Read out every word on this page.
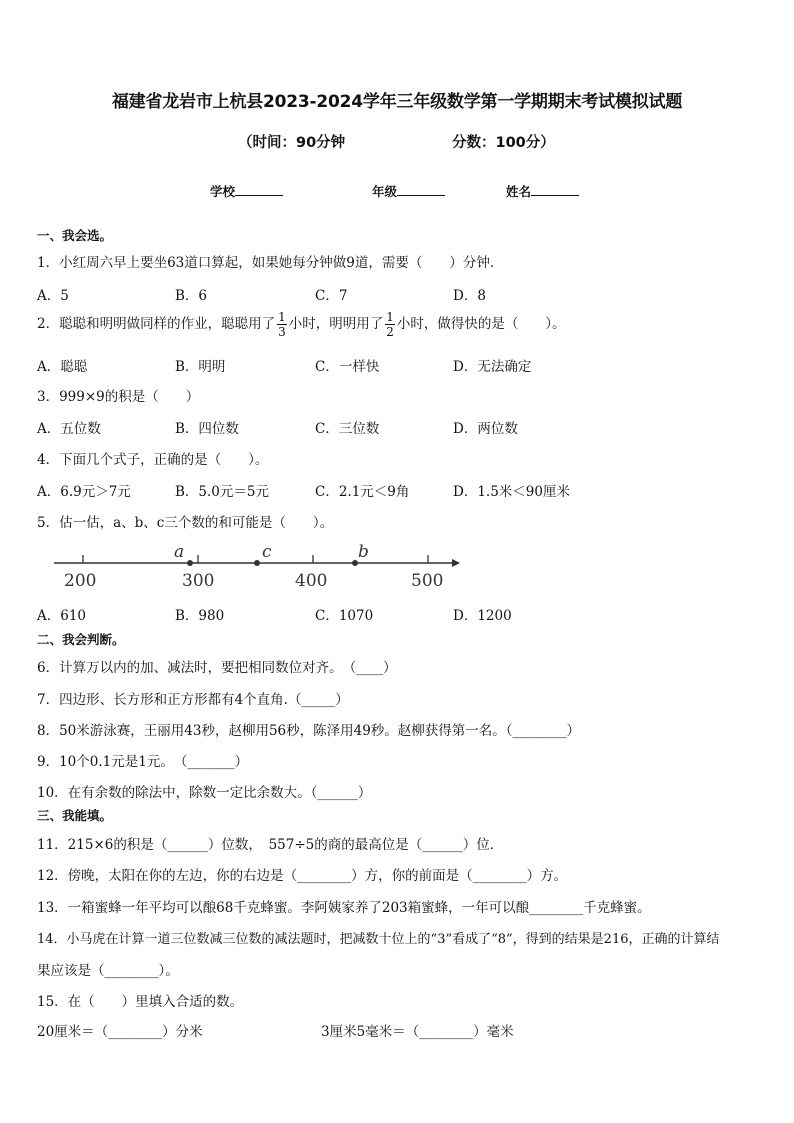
福建省龙岩市上杭县2023-2024学年三年级数学第一学期期末考试模拟试题
（时间：90分钟	分数：100分）
学校	年级	姓名
一、我会选。
1．小红周六早上要坐63道口算起，如果她每分钟做9道，需要（　　）分钟．
A．5	B．6	C．7	D．8
2．聪聪和明明做同样的作业，聪聪用了 $\frac{1}{3}$ 小时，明明用了 $\frac{1}{2}$ 小时，做得快的是（　　）。
A．聪聪	B．明明	C．一样快	D．无法确定
3．999×9的积是（　　）
A．五位数	B．四位数	C．三位数	D．两位数
4．下面几个式子，正确的是（　　）。
A．6.9元＞7元	B．5.0元＝5元	C．2.1元＜9角	D．1.5米＜90厘米
5．估一估，a、b、c三个数的和可能是（　　）。
200	300	400	500
a	c	b
A．610	B．980	C．1070	D．1200
二、我会判断。
6．计算万以内的加、减法时，要把相同数位对齐。　（____）
7．四边形、长方形和正方形都有4个直角.（_____）
8．50米游泳赛，王丽用43秒，赵柳用56秒，陈泽用49秒。赵柳获得第一名。（________）
9．10个0.1元是1元。　（_______）
10．在有余数的除法中，除数一定比余数大。（______）
三、我能填。
11．215×6的积是（______）位数，　557÷5的商的最高位是（______）位．
12．傍晚，太阳在你的左边，你的右边是（________）方，你的前面是（________）方。
13．一箱蜜蜂一年平均可以酿68千克蜂蜜。李阿姨家养了203箱蜜蜂，一年可以酿________千克蜂蜜。
14．小马虎在计算一道三位数减三位数的减法题时，把减数十位上的“3”看成了“8”，得到的结果是216，正确的计算结
果应该是（________）。
15．在（　　）里填入合适的数。
20厘米＝（________）分米	3厘米5毫米＝（________）毫米
